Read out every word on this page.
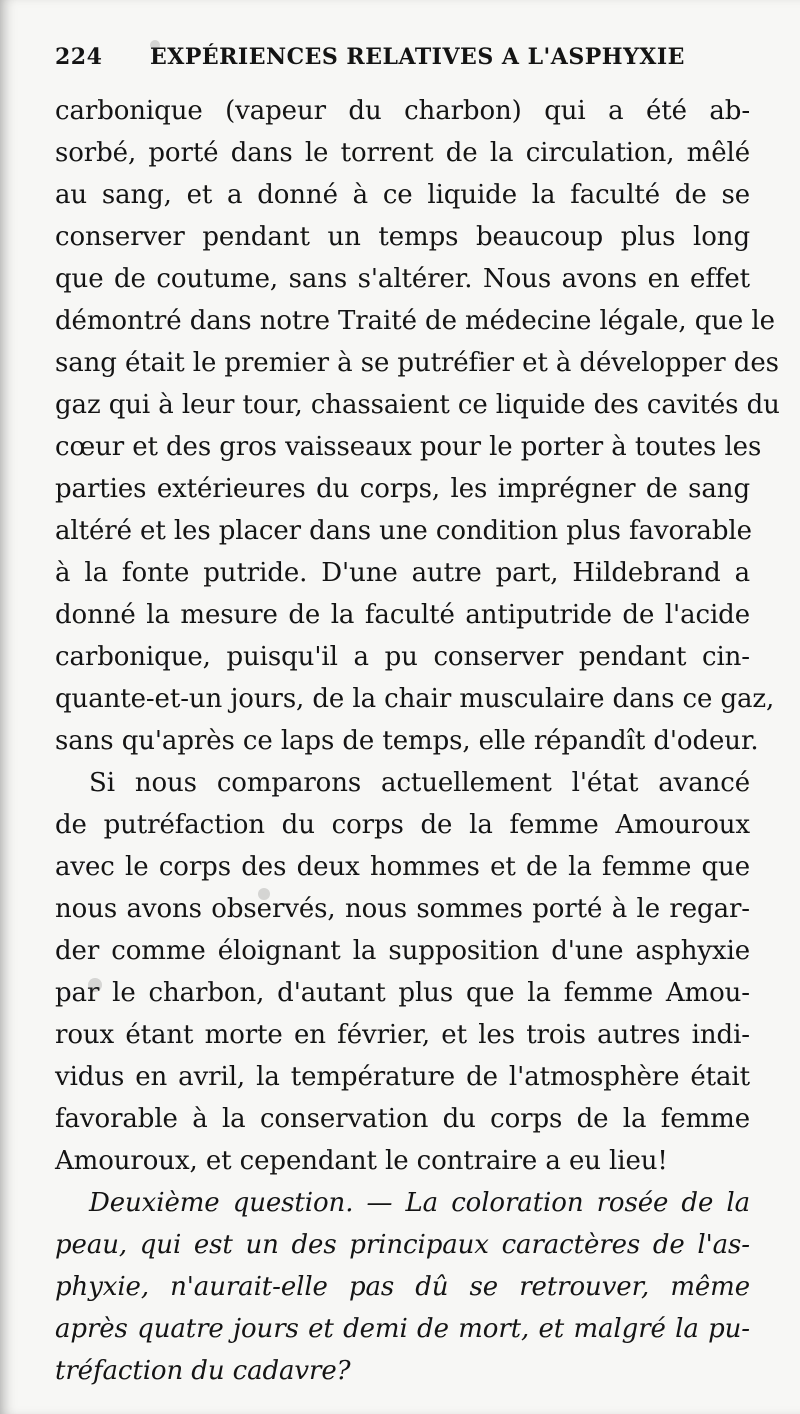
224 EXPÉRIENCES RELATIVES A L'ASPHYXIE
carbonique (vapeur du charbon) qui a été ab-
sorbé, porté dans le torrent de la circulation, mêlé
au sang, et a donné à ce liquide la faculté de se
conserver pendant un temps beaucoup plus long
que de coutume, sans s'altérer. Nous avons en effet
démontré dans notre Traité de médecine légale, que le
sang était le premier à se putréfier et à développer des
gaz qui à leur tour, chassaient ce liquide des cavités du
cœur et des gros vaisseaux pour le porter à toutes les
parties extérieures du corps, les imprégner de sang
altéré et les placer dans une condition plus favorable
à la fonte putride. D'une autre part, Hildebrand a
donné la mesure de la faculté antiputride de l'acide
carbonique, puisqu'il a pu conserver pendant cin-
quante-et-un jours, de la chair musculaire dans ce gaz,
sans qu'après ce laps de temps, elle répandît d'odeur.
Si nous comparons actuellement l'état avancé
de putréfaction du corps de la femme Amouroux
avec le corps des deux hommes et de la femme que
nous avons observés, nous sommes porté à le regar-
der comme éloignant la supposition d'une asphyxie
par le charbon, d'autant plus que la femme Amou-
roux étant morte en février, et les trois autres indi-
vidus en avril, la température de l'atmosphère était
favorable à la conservation du corps de la femme
Amouroux, et cependant le contraire a eu lieu!
Deuxième question. — La coloration rosée de la
peau, qui est un des principaux caractères de l'as-
phyxie, n'aurait-elle pas dû se retrouver, même
après quatre jours et demi de mort, et malgré la pu-
tréfaction du cadavre?
